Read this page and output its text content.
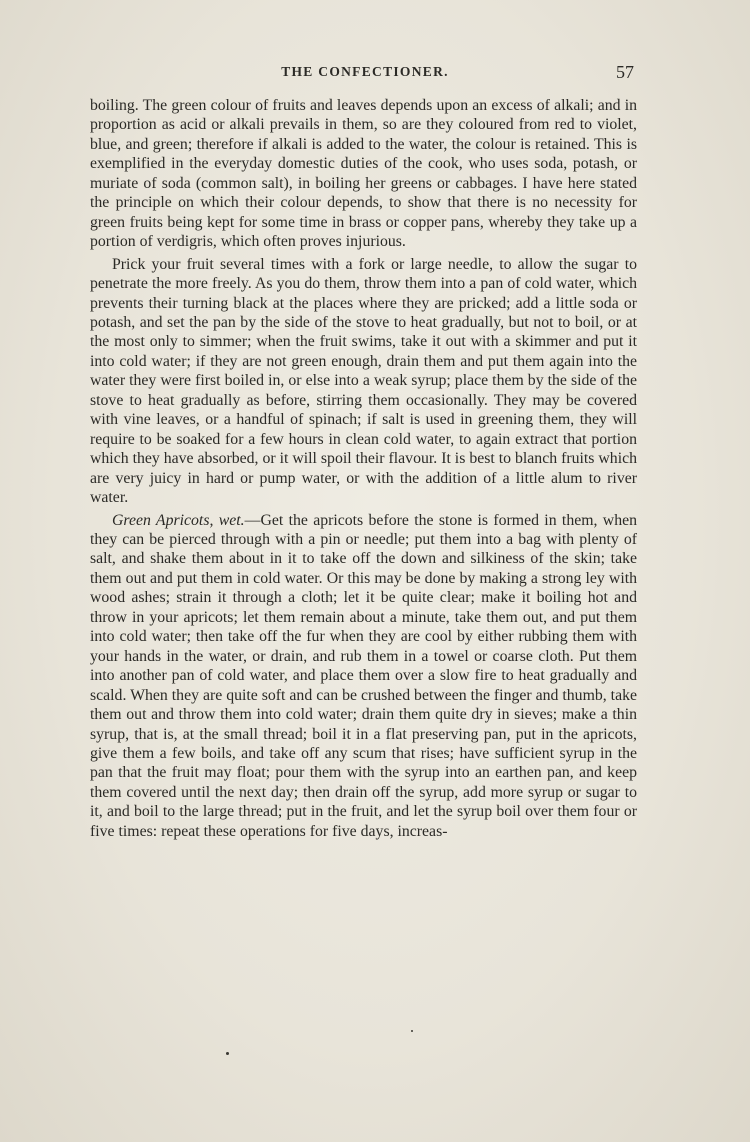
THE CONFECTIONER.	57

boiling. The green colour of fruits and leaves depends upon an excess of alkali; and in proportion as acid or alkali prevails in them, so are they coloured from red to violet, blue, and green; therefore if alkali is added to the water, the colour is retained. This is exemplified in the everyday domestic duties of the cook, who uses soda, potash, or muriate of soda (common salt), in boiling her greens or cabbages. I have here stated the principle on which their colour depends, to show that there is no necessity for green fruits being kept for some time in brass or copper pans, whereby they take up a portion of verdigris, which often proves injurious.

Prick your fruit several times with a fork or large needle, to allow the sugar to penetrate the more freely. As you do them, throw them into a pan of cold water, which prevents their turning black at the places where they are pricked; add a little soda or potash, and set the pan by the side of the stove to heat gradually, but not to boil, or at the most only to simmer; when the fruit swims, take it out with a skimmer and put it into cold water; if they are not green enough, drain them and put them again into the water they were first boiled in, or else into a weak syrup; place them by the side of the stove to heat gradually as before, stirring them occasionally. They may be covered with vine leaves, or a handful of spinach; if salt is used in greening them, they will require to be soaked for a few hours in clean cold water, to again extract that portion which they have absorbed, or it will spoil their flavour. It is best to blanch fruits which are very juicy in hard or pump water, or with the addition of a little alum to river water.

Green Apricots, wet.—Get the apricots before the stone is formed in them, when they can be pierced through with a pin or needle; put them into a bag with plenty of salt, and shake them about in it to take off the down and silkiness of the skin; take them out and put them in cold water. Or this may be done by making a strong ley with wood ashes; strain it through a cloth; let it be quite clear; make it boiling hot and throw in your apricots; let them remain about a minute, take them out, and put them into cold water; then take off the fur when they are cool by either rubbing them with your hands in the water, or drain, and rub them in a towel or coarse cloth. Put them into another pan of cold water, and place them over a slow fire to heat gradually and scald. When they are quite soft and can be crushed between the finger and thumb, take them out and throw them into cold water; drain them quite dry in sieves; make a thin syrup, that is, at the small thread; boil it in a flat preserving pan, put in the apricots, give them a few boils, and take off any scum that rises; have sufficient syrup in the pan that the fruit may float; pour them with the syrup into an earthen pan, and keep them covered until the next day; then drain off the syrup, add more syrup or sugar to it, and boil to the large thread; put in the fruit, and let the syrup boil over them four or five times: repeat these operations for five days, increas-
